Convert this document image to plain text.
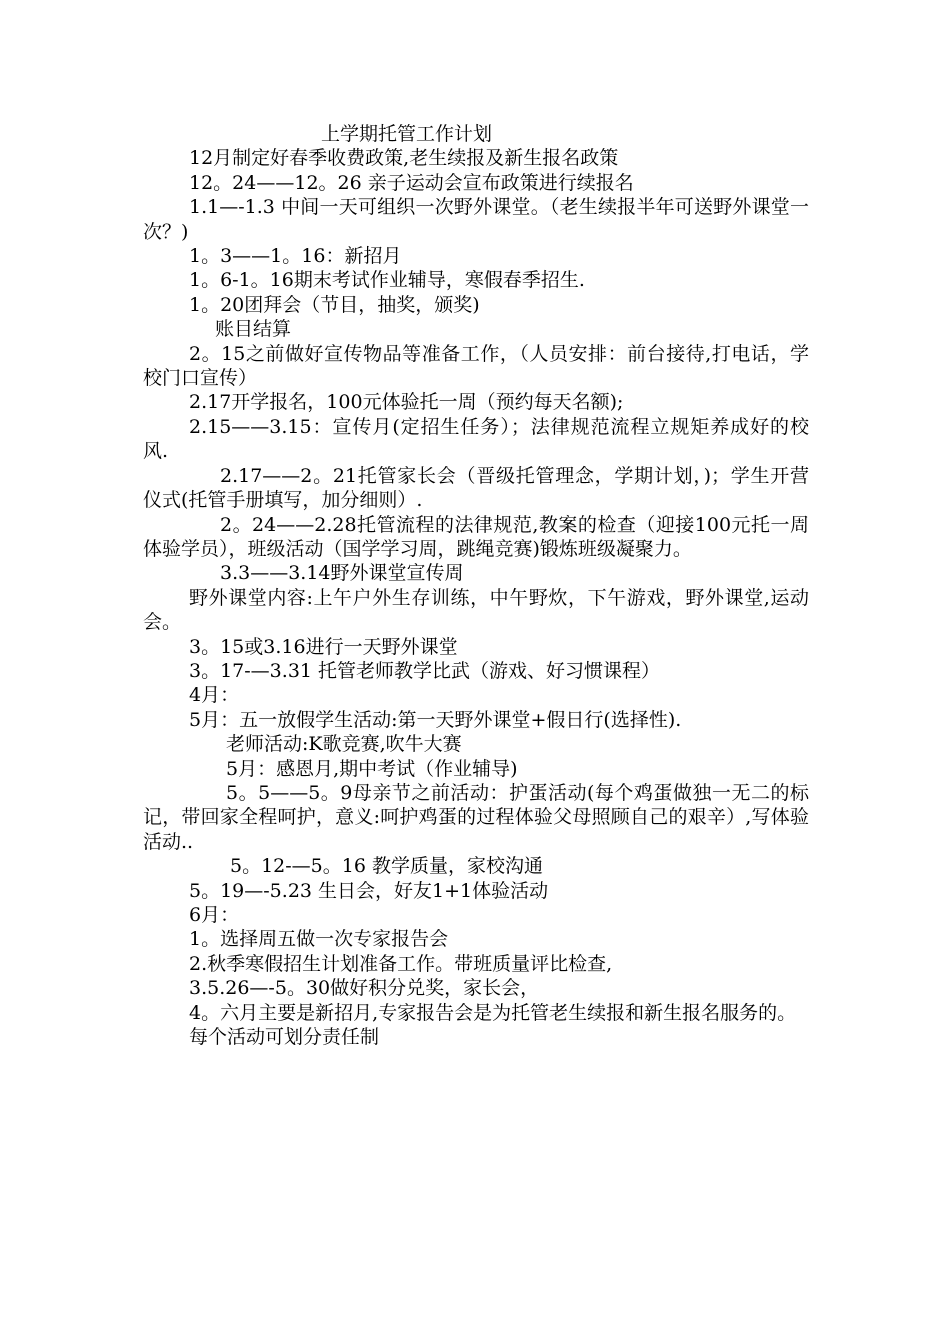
上学期托管工作计划

12月制定好春季收费政策,老生续报及新生报名政策

12。24——12。26 亲子运动会宣布政策进行续报名

1.1—-1.3 中间一天可组织一次野外课堂。（老生续报半年可送野外课堂一次？)

1。3——1。16：新招月

1。6-1。16期末考试作业辅导，寒假春季招生.

1。20团拜会（节目，抽奖，颁奖)

账目结算

2。15之前做好宣传物品等准备工作，（人员安排：前台接待,打电话，学校门口宣传）

2.17开学报名，100元体验托一周（预约每天名额);

2.15——3.15：宣传月(定招生任务）；法律规范流程立规矩养成好的校风.

2.17——2。21托管家长会（晋级托管理念，学期计划，)；学生开营仪式(托管手册填写，加分细则）.

2。24——2.28托管流程的法律规范,教案的检查（迎接100元托一周体验学员），班级活动（国学学习周，跳绳竞赛)锻炼班级凝聚力。

3.3——3.14野外课堂宣传周

野外课堂内容:上午户外生存训练，中午野炊，下午游戏，野外课堂,运动会。

3。15或3.16进行一天野外课堂

3。17-—3.31 托管老师教学比武（游戏、好习惯课程）

4月：

5月：五一放假学生活动:第一天野外课堂+假日行(选择性).

老师活动:K歌竞赛,吹牛大赛

5月：感恩月,期中考试（作业辅导)

5。5——5。9母亲节之前活动：护蛋活动(每个鸡蛋做独一无二的标记，带回家全程呵护，意义:呵护鸡蛋的过程体验父母照顾自己的艰辛）,写体验活动..

5。12-—5。16 教学质量，家校沟通

5。19—-5.23 生日会，好友1+1体验活动

6月：

1。选择周五做一次专家报告会

2.秋季寒假招生计划准备工作。带班质量评比检查,

3.5.26—-5。30做好积分兑奖，家长会，

4。六月主要是新招月,专家报告会是为托管老生续报和新生报名服务的。

每个活动可划分责任制
